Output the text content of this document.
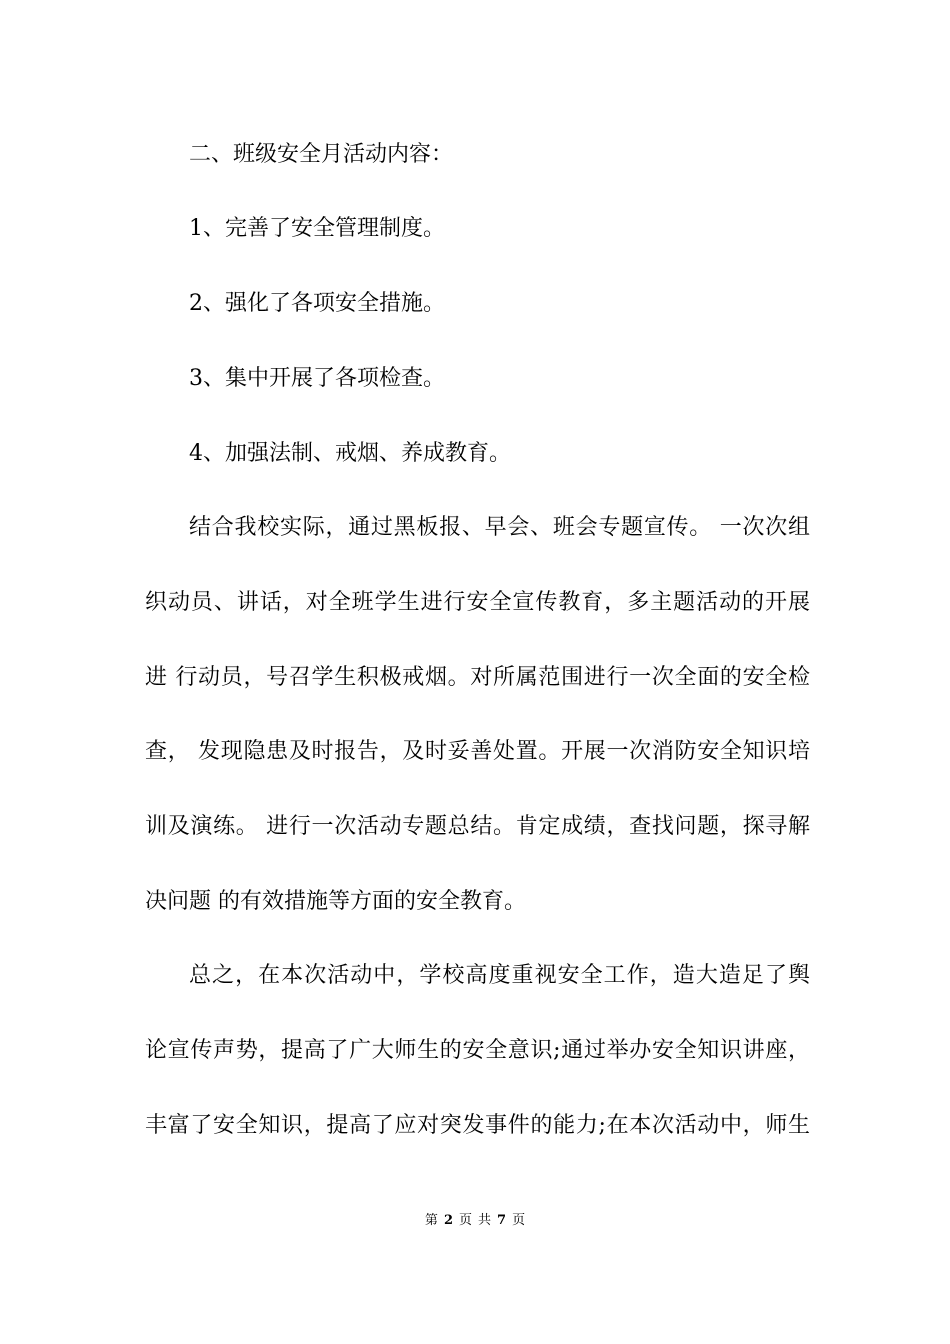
二、班级安全月活动内容：
1、完善了安全管理制度。
2、强化了各项安全措施。
3、集中开展了各项检查。
4、加强法制、戒烟、养成教育。
结合我校实际，通过黑板报、早会、班会专题宣传。 一次次组
织动员、讲话，对全班学生进行安全宣传教育，多主题活动的开展
进 行动员，号召学生积极戒烟。对所属范围进行一次全面的安全检
查， 发现隐患及时报告，及时妥善处置。开展一次消防安全知识培
训及演练。 进行一次活动专题总结。肯定成绩，查找问题，探寻解
决问题 的有效措施等方面的安全教育。
总之，在本次活动中，学校高度重视安全工作，造大造足了舆
论宣传声势，提高了广大师生的安全意识;通过举办安全知识讲座，
丰富了安全知识，提高了应对突发事件的能力;在本次活动中，师生
第 2 页 共 7 页
